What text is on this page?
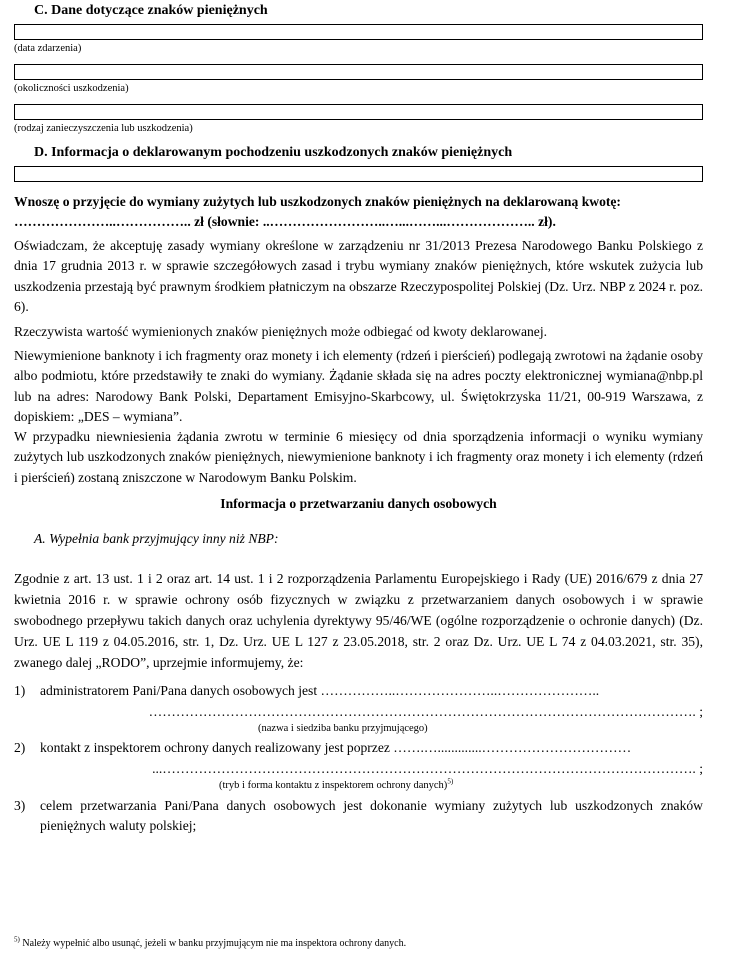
C. Dane dotyczące znaków pieniężnych
(data zdarzenia)
(okoliczności uszkodzenia)
(rodzaj zanieczyszczenia lub uszkodzenia)
D. Informacja o deklarowanym pochodzeniu uszkodzonych znaków pieniężnych
Wnoszę o przyjęcie do wymiany zużytych lub uszkodzonych znaków pieniężnych na deklarowaną kwotę:
…………………..…………….. zł (słownie: ..……………………..…...……...……………….. zł).

Oświadczam, że akceptuję zasady wymiany określone w zarządzeniu nr 31/2013 Prezesa Narodowego Banku Polskiego z dnia 17 grudnia 2013 r. w sprawie szczegółowych zasad i trybu wymiany znaków pieniężnych, które wskutek zużycia lub uszkodzenia przestają być prawnym środkiem płatniczym na obszarze Rzeczypospolitej Polskiej (Dz. Urz. NBP z 2024 r. poz. 6).

Rzeczywista wartość wymienionych znaków pieniężnych może odbiegać od kwoty deklarowanej.

Niewymienione banknoty i ich fragmenty oraz monety i ich elementy (rdzeń i pierścień) podlegają zwrotowi na żądanie osoby albo podmiotu, które przedstawiły te znaki do wymiany. Żądanie składa się na adres poczty elektronicznej wymiana@nbp.pl lub na adres: Narodowy Bank Polski, Departament Emisyjno-Skarbcowy, ul. Świętokrzyska 11/21, 00-919 Warszawa, z dopiskiem: „DES – wymiana”.

W przypadku niewniesienia żądania zwrotu w terminie 6 miesięcy od dnia sporządzenia informacji o wyniku wymiany zużytych lub uszkodzonych znaków pieniężnych, niewymienione banknoty i ich fragmenty oraz monety i ich elementy (rdzeń i pierścień) zostaną zniszczone w Narodowym Banku Polskim.

Informacja o przetwarzaniu danych osobowych
A. Wypełnia bank przyjmujący inny niż NBP:

Zgodnie z art. 13 ust. 1 i 2 oraz art. 14 ust. 1 i 2 rozporządzenia Parlamentu Europejskiego i Rady (UE) 2016/679 z dnia 27 kwietnia 2016 r. w sprawie ochrony osób fizycznych w związku z przetwarzaniem danych osobowych i w sprawie swobodnego przepływu takich danych oraz uchylenia dyrektywy 95/46/WE (ogólne rozporządzenie o ochronie danych) (Dz. Urz. UE L 119 z 04.05.2016, str. 1, Dz. Urz. UE L 127 z 23.05.2018, str. 2 oraz Dz. Urz. UE L 74 z 04.03.2021, str. 35), zwanego dalej „RODO”, uprzejmie informujemy, że:

1) administratorem Pani/Pana danych osobowych jest ……………..…………………..…………………..
…………………………………………………………………………………………………………. ;
(nazwa i siedziba banku przyjmującego)
2) kontakt z inspektorem ochrony danych realizowany jest poprzez …….….............……………………………
...………………………………………………………………………………………………………. ;
(tryb i forma kontaktu z inspektorem ochrony danych)$^{5)}$
3) celem przetwarzania Pani/Pana danych osobowych jest dokonanie wymiany zużytych lub uszkodzonych znaków pieniężnych waluty polskiej;
$^{5)}$ Należy wypełnić albo usunąć, jeżeli w banku przyjmującym nie ma inspektora ochrony danych.
